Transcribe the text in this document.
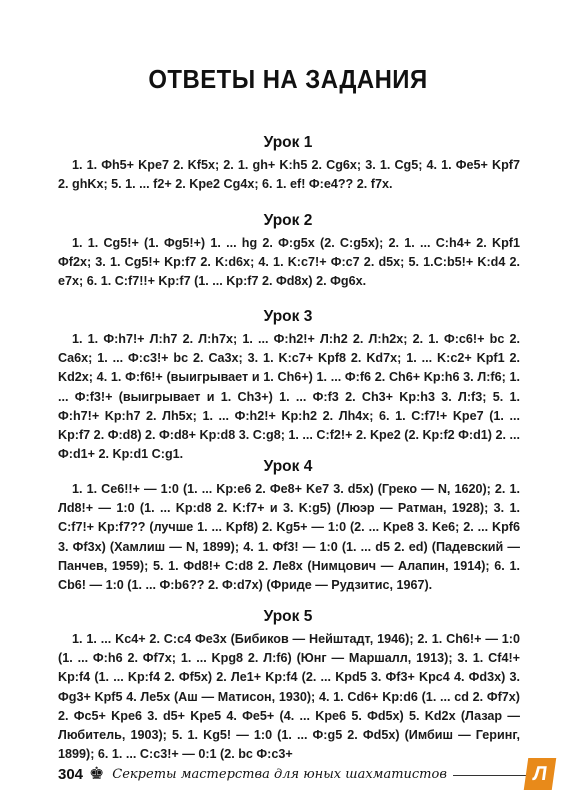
ОТВЕТЫ НА ЗАДАНИЯ
Урок 1
1. 1. Фh5+ Kpe7 2. Kf5x; 2. 1. gh+ K:h5 2. Cg6x; 3. 1. Cg5; 4. 1. Фe5+ Kpf7 2. ghKx; 5. 1. ... f2+ 2. Kpe2 Cg4x; 6. 1. ef! Ф:e4?? 2. f7x.
Урок 2
1. 1. Cg5!+ (1. Фg5!+) 1. ... hg 2. Ф:g5x (2. C:g5x); 2. 1. ... C:h4+ 2. Kpf1 Фf2x; 3. 1. Cg5!+ Kp:f7 2. K:d6x; 4. 1. K:c7!+ Ф:c7 2. d5x; 5. 1.C:b5!+ K:d4 2. e7x; 6. 1. C:f7!!+ Kp:f7 (1. ... Kp:f7 2. Фd8x) 2. Фg6x.
Урок 3
1. 1. Ф:h7!+ Л:h7 2. Л:h7x; 1. ... Ф:h2!+ Л:h2 2. Л:h2x; 2. 1. Ф:c6!+ bc 2. Ca6x; 1. ... Ф:c3!+ bc 2. Ca3x; 3. 1. K:c7+ Kpf8 2. Kd7x; 1. ... K:c2+ Kpf1 2. Kd2x; 4. 1. Ф:f6!+ (выигрывает и 1. Ch6+) 1. ... Ф:f6 2. Ch6+ Kp:h6 3. Л:f6; 1. ... Ф:f3!+ (выигрывает и 1. Ch3+) 1. ... Ф:f3 2. Ch3+ Kp:h3 3. Л:f3; 5. 1. Ф:h7!+ Kp:h7 2. Лh5x; 1. ... Ф:h2!+ Kp:h2 2. Лh4x; 6. 1. C:f7!+ Kpe7 (1. ... Kp:f7 2. Ф:d8) 2. Ф:d8+ Kp:d8 3. C:g8; 1. ... C:f2!+ 2. Kpe2 (2. Kp:f2 Ф:d1) 2. ... Ф:d1+ 2. Kp:d1 C:g1.
Урок 4
1. 1. Ce6!!+ — 1:0 (1. ... Kp:e6 2. Фe8+ Ke7 3. d5x) (Греко — N, 1620); 2. 1. Лd8!+ — 1:0 (1. ... Kp:d8 2. K:f7+ и 3. K:g5) (Люэр — Ратман, 1928); 3. 1. C:f7!+ Kp:f7?? (лучше 1. ... Kpf8) 2. Kg5+ — 1:0 (2. ... Kpe8 3. Ke6; 2. ... Kpf6 3. Фf3x) (Хамлиш — N, 1899); 4. 1. Фf3! — 1:0 (1. ... d5 2. ed) (Падевский — Панчев, 1959); 5. 1. Фd8!+ C:d8 2. Ле8x (Нимцович — Алапин, 1914); 6. 1. Cb6! — 1:0 (1. ... Ф:b6?? 2. Ф:d7x) (Фриде — Рудзитис, 1967).
Урок 5
1. 1. ... Kc4+ 2. C:c4 Фe3x (Бибиков — Нейштадт, 1946); 2. 1. Ch6!+ — 1:0 (1. ... Ф:h6 2. Фf7x; 1. ... Kpg8 2. Л:f6) (Юнг — Маршалл, 1913); 3. 1. Cf4!+ Kp:f4 (1. ... Kp:f4 2. Фf5x) 2. Ле1+ Kp:f4 (2. ... Kpd5 3. Фf3+ Kpc4 4. Фd3x) 3. Фg3+ Kpf5 4. Ле5x (Аш — Матисон, 1930); 4. 1. Cd6+ Kp:d6 (1. ... cd 2. Фf7x) 2. Фc5+ Kpe6 3. d5+ Kpe5 4. Фe5+ (4. ... Kpe6 5. Фd5x) 5. Kd2x (Лазар — Любитель, 1903); 5. 1. Kg5! — 1:0 (1. ... Ф:g5 2. Фd5x) (Имбиш — Геринг, 1899); 6. 1. ... C:c3!+ — 0:1 (2. bc Ф:c3+
304 ♚ Секреты мастерства для юных шахматистов	Л
